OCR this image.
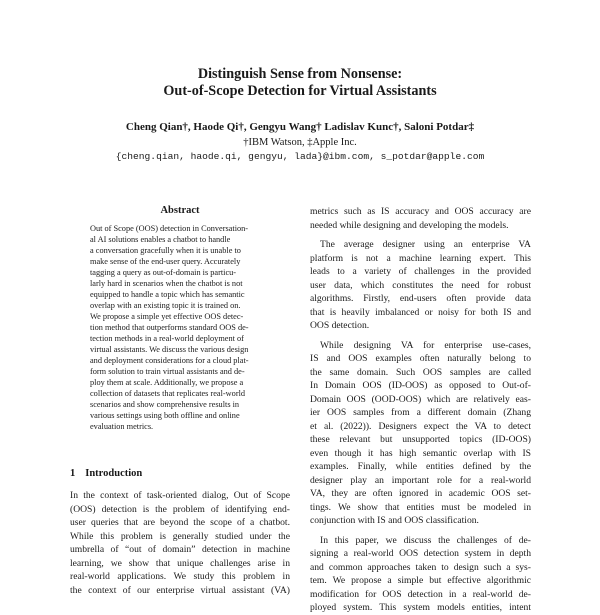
Distinguish Sense from Nonsense:
Out-of-Scope Detection for Virtual Assistants
Cheng Qian†, Haode Qi†, Gengyu Wang† Ladislav Kunc†, Saloni Potdar‡
†IBM Watson, ‡Apple Inc.
{cheng.qian, haode.qi, gengyu, lada}@ibm.com, s_potdar@apple.com
Abstract
Out of Scope (OOS) detection in Conversation-
al AI solutions enables a chatbot to handle
a conversation gracefully when it is unable to
make sense of the end-user query. Accurately
tagging a query as out-of-domain is particu-
larly hard in scenarios when the chatbot is not
equipped to handle a topic which has semantic
overlap with an existing topic it is trained on.
We propose a simple yet effective OOS detec-
tion method that outperforms standard OOS de-
tection methods in a real-world deployment of
virtual assistants. We discuss the various design
and deployment considerations for a cloud plat-
form solution to train virtual assistants and de-
ploy them at scale. Additionally, we propose a
collection of datasets that replicates real-world
scenarios and show comprehensive results in
various settings using both offline and online
evaluation metrics.
1 Introduction
In the context of task-oriented dialog, Out of Scope
(OOS) detection is the problem of identifying end-
user queries that are beyond the scope of a chatbot.
While this problem is generally studied under the
umbrella of “out of domain” detection in machine
learning, we show that unique challenges arise in
real-world applications. We study this problem in
the context of our enterprise virtual assistant (VA)
metrics such as IS accuracy and OOS accuracy are
needed while designing and developing the models.
The average designer using an enterprise VA
platform is not a machine learning expert. This
leads to a variety of challenges in the provided
user data, which constitutes the need for robust
algorithms. Firstly, end-users often provide data
that is heavily imbalanced or noisy for both IS and
OOS detection.
While designing VA for enterprise use-cases,
IS and OOS examples often naturally belong to
the same domain. Such OOS samples are called
In Domain OOS (ID-OOS) as opposed to Out-of-
Domain OOS (OOD-OOS) which are relatively eas-
ier OOS samples from a different domain (Zhang
et al. (2022)). Designers expect the VA to detect
these relevant but unsupported topics (ID-OOS)
even though it has high semantic overlap with IS
examples. Finally, while entities defined by the
designer play an important role for a real-world
VA, they are often ignored in academic OOS set-
tings. We show that entities must be modeled in
conjunction with IS and OOS classification.
In this paper, we discuss the challenges of de-
signing a real-world OOS detection system in depth
and common approaches taken to design such a sys-
tem. We propose a simple but effective algorithmic
modification for OOS detection in a real-world de-
ployed system. This system models entities, intent
